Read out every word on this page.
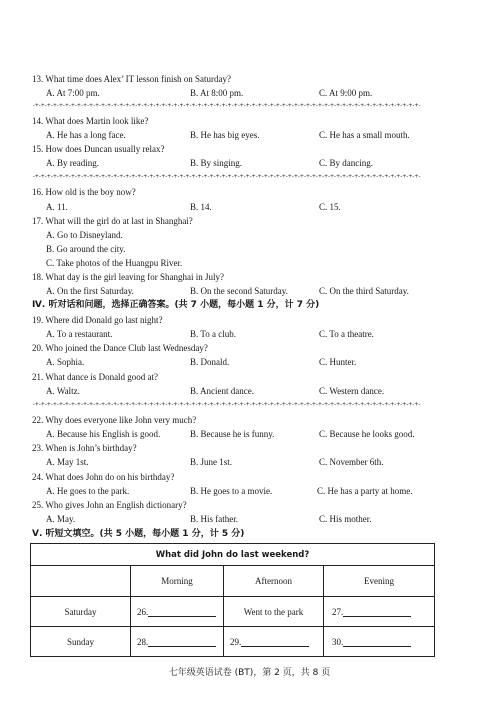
13. What time does Alex’ IT lesson finish on Saturday?
A. At 7:00 pm.	B. At 8:00 pm.	C. At 9:00 pm.
-+-+-+-+-+-+-+-+-+-+-+-+-+-+-+-+-+-+-+-+-+-+-+-+-+-+-+-+-+-+-+-+-+-+-+-+-+-+-+-+-+-+-+-+-+-+-+-+-+-+-+-+-+-+-+-+-+-+-+-+-+-+-+-+-
14. What does Martin look like?
A. He has a long face.	B. He has big eyes.	C. He has a small mouth.
15. How does Duncan usually relax?
A. By reading.	B. By singing.	C. By dancing.
-+-+-+-+-+-+-+-+-+-+-+-+-+-+-+-+-+-+-+-+-+-+-+-+-+-+-+-+-+-+-+-+-+-+-+-+-+-+-+-+-+-+-+-+-+-+-+-+-+-+-+-+-+-+-+-+-+-+-+-+-+-+-+-+-
16. How old is the boy now?
A. 11.	B. 14.	C. 15.
17. What will the girl do at last in Shanghai?
A. Go to Disneyland.
B. Go around the city.
C. Take photos of the Huangpu River.
18. What day is the girl leaving for Shanghai in July?
A. On the first Saturday.	B. On the second Saturday.	C. On the third Saturday.
Ⅳ. 听对话和问题，选择正确答案。(共 7 小题，每小题 1 分，计 7 分)
19. Where did Donald go last night?
A. To a restaurant.	B. To a club.	C. To a theatre.
20. Who joined the Dance Club last Wednesday?
A. Sophia.	B. Donald.	C. Hunter.
21. What dance is Donald good at?
A. Waltz.	B. Ancient dance.	C. Western dance.
-+-+-+-+-+-+-+-+-+-+-+-+-+-+-+-+-+-+-+-+-+-+-+-+-+-+-+-+-+-+-+-+-+-+-+-+-+-+-+-+-+-+-+-+-+-+-+-+-+-+-+-+-+-+-+-+-+-+-+-+-+-+-+-+-
22. Why does everyone like John very much?
A. Because his English is good.	B. Because he is funny.	C. Because he looks good.
23. When is John’s birthday?
A. May 1st.	B. June 1st.	C. November 6th.
24. What does John do on his birthday?
A. He goes to the park.	B. He goes to a movie.	C. He has a party at home.
25. Who gives John an English dictionary?
A. May.	B. His father.	C. His mother.
Ⅴ. 听短文填空。(共 5 小题，每小题 1 分，计 5 分)
What did John do last weekend?			
	Morning	Afternoon	Evening
Saturday	26.	Went to the park	27.
Sunday	28.	29.	30.
七年级英语试卷 (BT)，第 2 页，共 8 页
